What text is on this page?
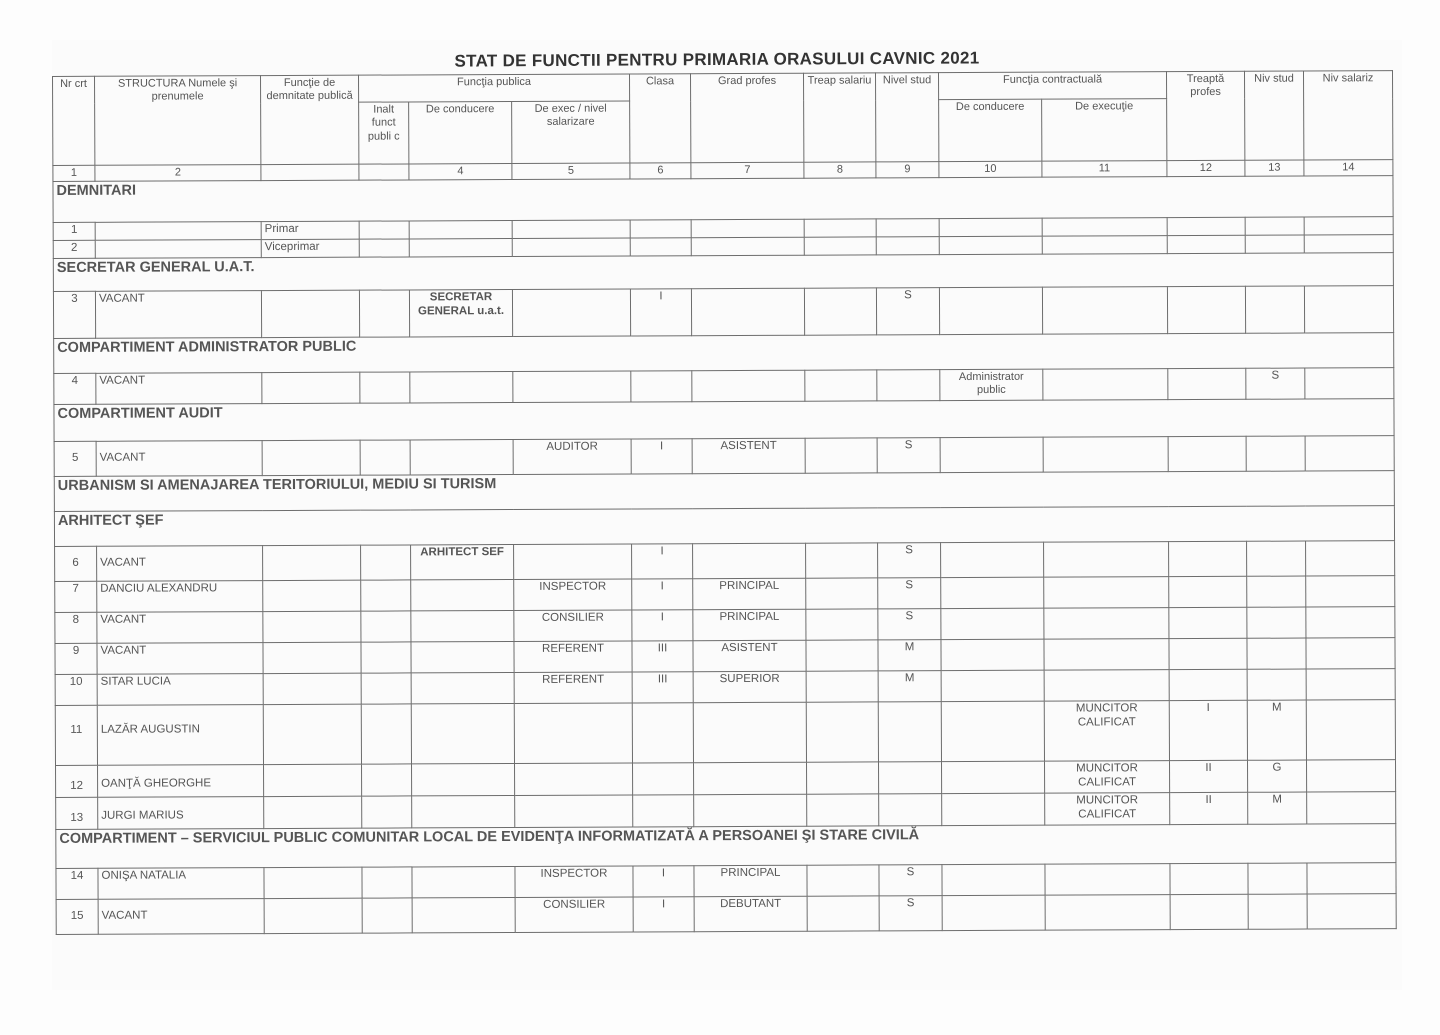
STAT DE FUNCTII PENTRU PRIMARIA ORASULUI CAVNIC 2021
Nr crt	STRUCTURA Numele şi prenumele	Funcţie de demnitate publică	Funcţia publica			Clasa	Grad profes	Treap salariu	Nivel stud	Funcţia contractuală		Treaptă profes	Niv stud	Niv salariz
			Inalt funct publi c	De conducere	De exec / nivel salarizare					De conducere	De execuţie			
1	2			4	5	6	7	8	9	10	11	12	13	14
DEMNITARI														
1		Primar												
2		Viceprimar												
SECRETAR GENERAL U.A.T.														
3	VACANT			SECRETAR GENERAL u.a.t.		I			S					
COMPARTIMENT ADMINISTRATOR PUBLIC														
4	VACANT									Administrator public			S	
COMPARTIMENT AUDIT														
5	VACANT				AUDITOR	I	ASISTENT		S					
URBANISM SI AMENAJAREA TERITORIULUI, MEDIU SI TURISM														
ARHITECT ŞEF														
6	VACANT			ARHITECT SEF		I			S					
7	DANCIU ALEXANDRU				INSPECTOR	I	PRINCIPAL		S					
8	VACANT				CONSILIER	I	PRINCIPAL		S					
9	VACANT				REFERENT	III	ASISTENT		M					
10	SITAR LUCIA				REFERENT	III	SUPERIOR		M					
11	LAZĂR AUGUSTIN										MUNCITOR CALIFICAT	I	M	
12	OANŢĂ GHEORGHE										MUNCITOR CALIFICAT	II	G	
13	JURGI MARIUS										MUNCITOR CALIFICAT	II	M	
COMPARTIMENT – SERVICIUL PUBLIC COMUNITAR LOCAL DE EVIDENŢA INFORMATIZATĂ A PERSOANEI ŞI STARE CIVILĂ														
14	ONIŞA NATALIA				INSPECTOR	I	PRINCIPAL		S					
15	VACANT				CONSILIER	I	DEBUTANT		S					
